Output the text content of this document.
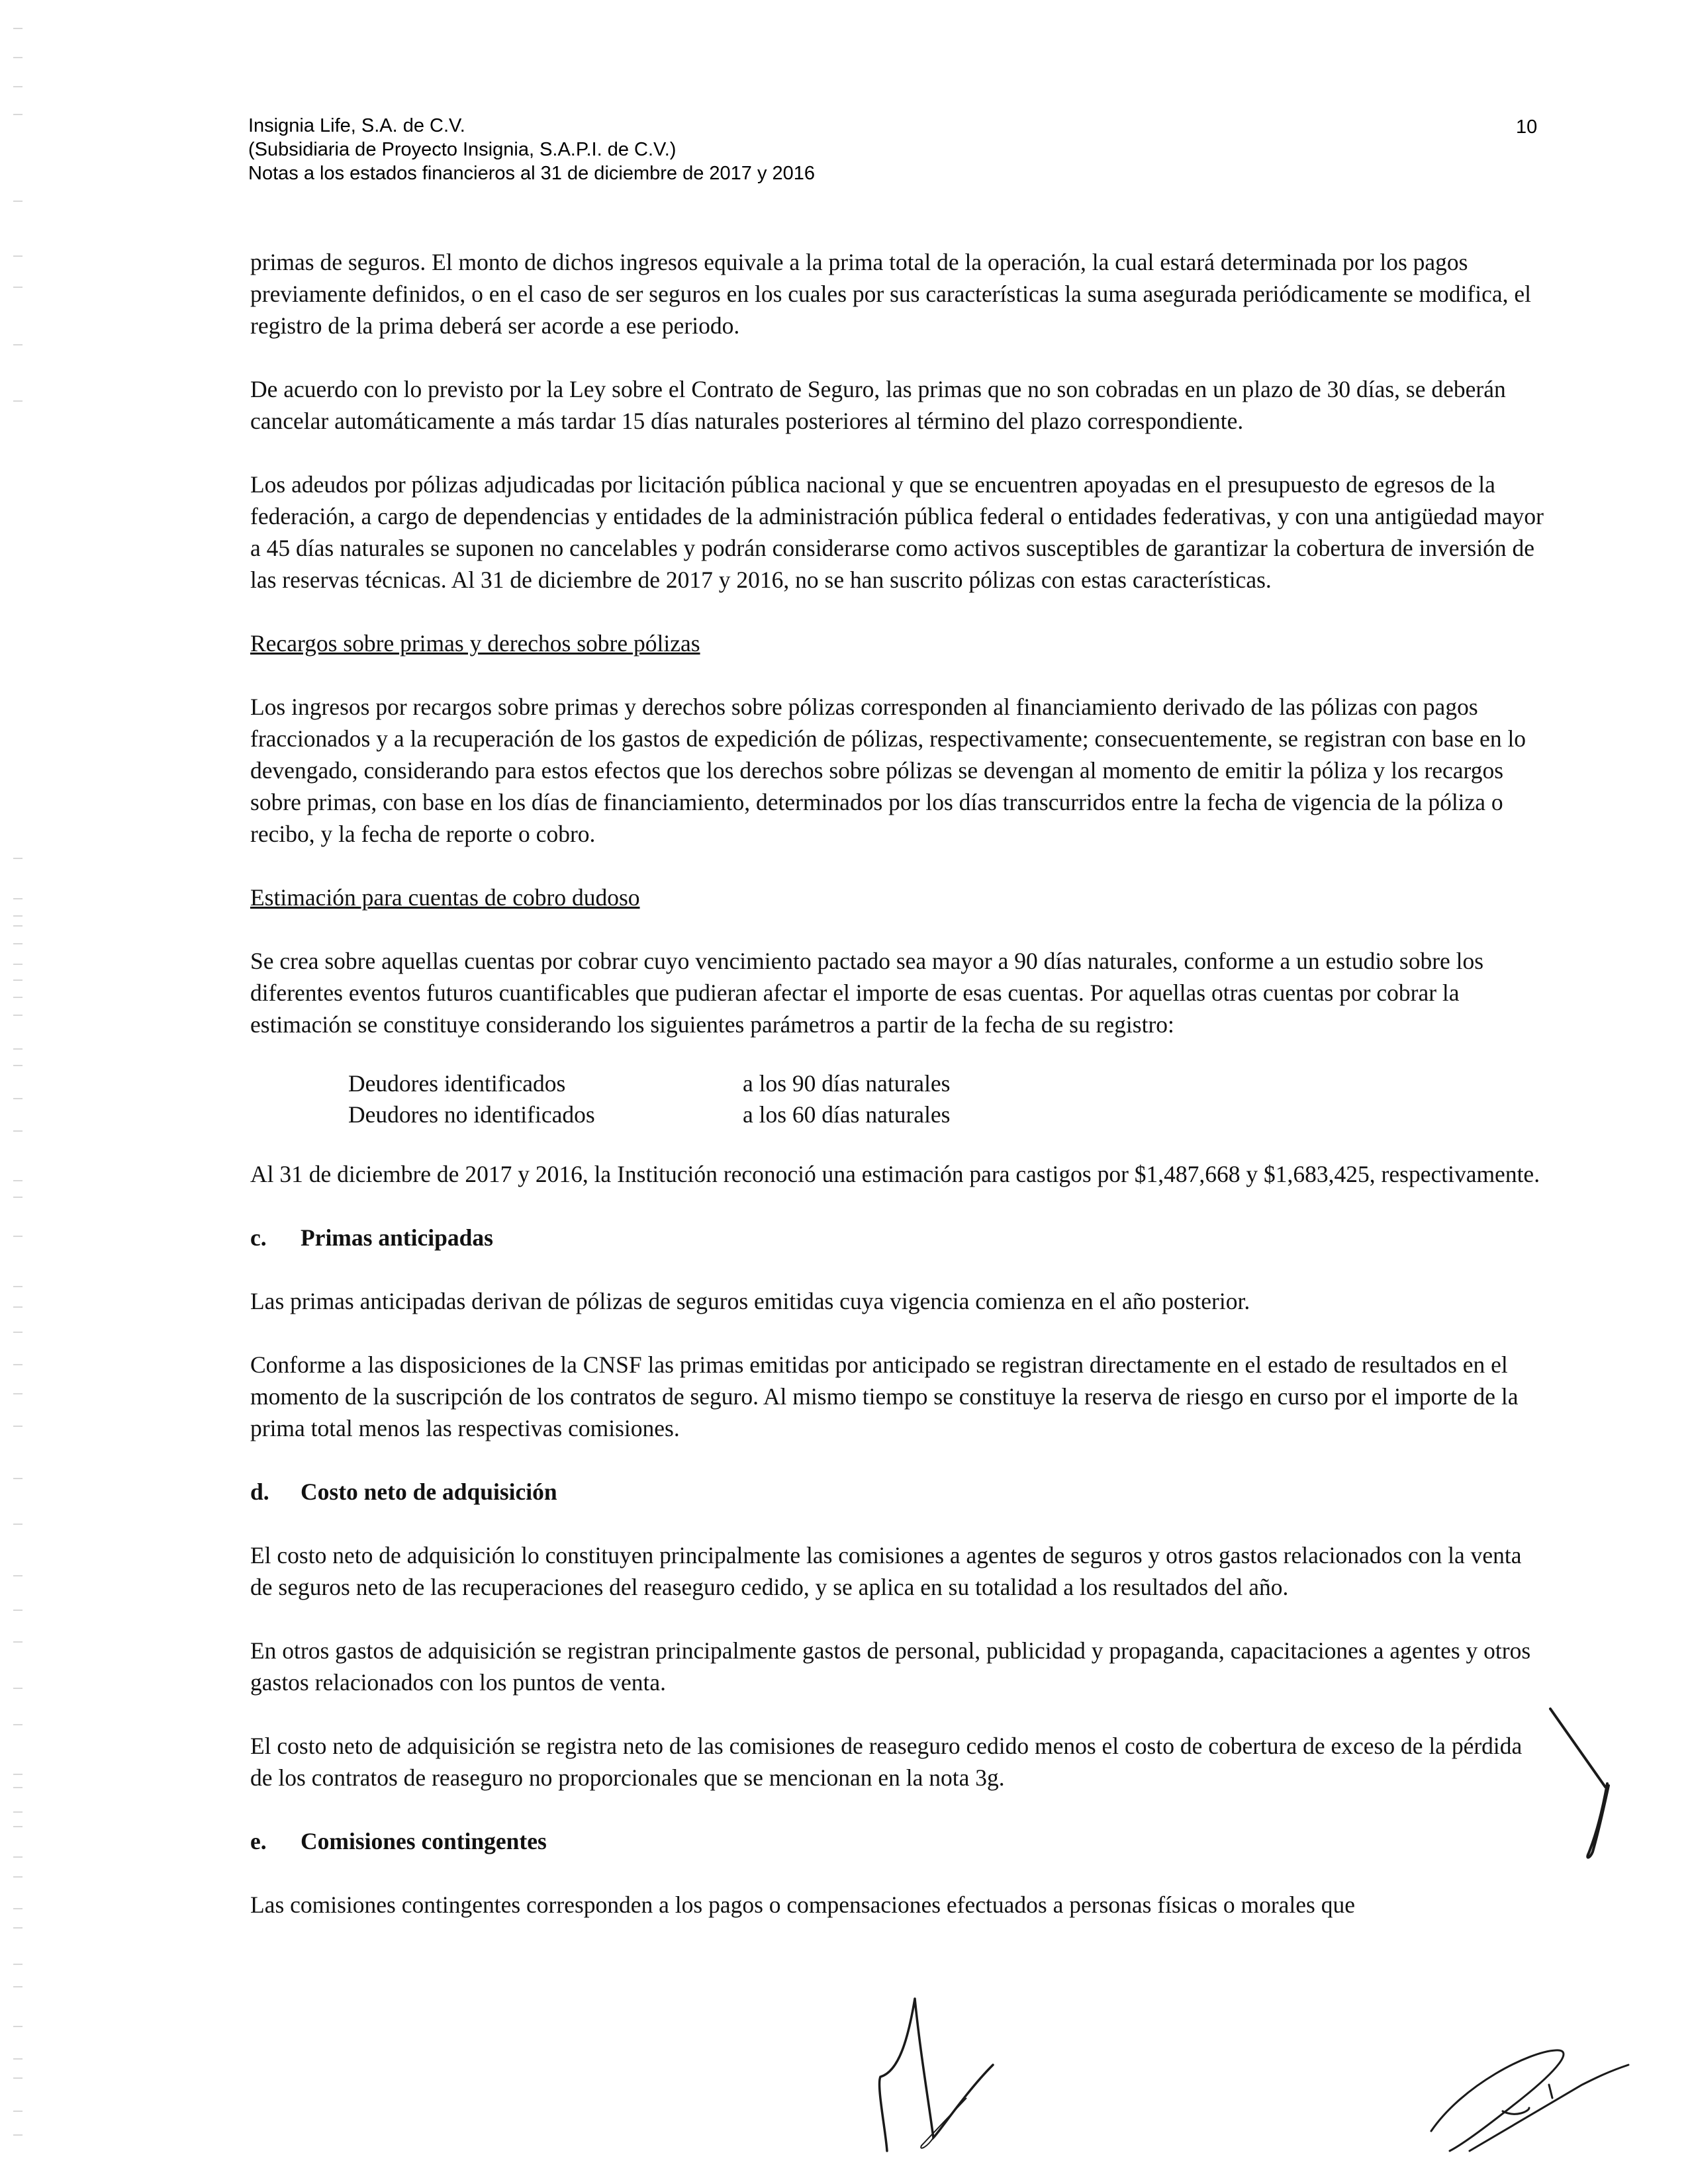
Insignia Life, S.A. de C.V.
(Subsidiaria de Proyecto Insignia, S.A.P.I. de C.V.)
Notas a los estados financieros al 31 de diciembre de 2017 y 2016
10

primas de seguros. El monto de dichos ingresos equivale a la prima total de la operación, la cual estará determinada por los pagos previamente definidos, o en el caso de ser seguros en los cuales por sus características la suma asegurada periódicamente se modifica, el registro de la prima deberá ser acorde a ese periodo.

De acuerdo con lo previsto por la Ley sobre el Contrato de Seguro, las primas que no son cobradas en un plazo de 30 días, se deberán cancelar automáticamente a más tardar 15 días naturales posteriores al término del plazo correspondiente.

Los adeudos por pólizas adjudicadas por licitación pública nacional y que se encuentren apoyadas en el presupuesto de egresos de la federación, a cargo de dependencias y entidades de la administración pública federal o entidades federativas, y con una antigüedad mayor a 45 días naturales se suponen no cancelables y podrán considerarse como activos susceptibles de garantizar la cobertura de inversión de las reservas técnicas. Al 31 de diciembre de 2017 y 2016, no se han suscrito pólizas con estas características.

Recargos sobre primas y derechos sobre pólizas

Los ingresos por recargos sobre primas y derechos sobre pólizas corresponden al financiamiento derivado de las pólizas con pagos fraccionados y a la recuperación de los gastos de expedición de pólizas, respectivamente; consecuentemente, se registran con base en lo devengado, considerando para estos efectos que los derechos sobre pólizas se devengan al momento de emitir la póliza y los recargos sobre primas, con base en los días de financiamiento, determinados por los días transcurridos entre la fecha de vigencia de la póliza o recibo, y la fecha de reporte o cobro.

Estimación para cuentas de cobro dudoso

Se crea sobre aquellas cuentas por cobrar cuyo vencimiento pactado sea mayor a 90 días naturales, conforme a un estudio sobre los diferentes eventos futuros cuantificables que pudieran afectar el importe de esas cuentas. Por aquellas otras cuentas por cobrar la estimación se constituye considerando los siguientes parámetros a partir de la fecha de su registro:

Deudores identificados	a los 90 días naturales
Deudores no identificados	a los 60 días naturales

Al 31 de diciembre de 2017 y 2016, la Institución reconoció una estimación para castigos por $1,487,668 y $1,683,425, respectivamente.

c. Primas anticipadas

Las primas anticipadas derivan de pólizas de seguros emitidas cuya vigencia comienza en el año posterior.

Conforme a las disposiciones de la CNSF las primas emitidas por anticipado se registran directamente en el estado de resultados en el momento de la suscripción de los contratos de seguro. Al mismo tiempo se constituye la reserva de riesgo en curso por el importe de la prima total menos las respectivas comisiones.

d. Costo neto de adquisición

El costo neto de adquisición lo constituyen principalmente las comisiones a agentes de seguros y otros gastos relacionados con la venta de seguros neto de las recuperaciones del reaseguro cedido, y se aplica en su totalidad a los resultados del año.

En otros gastos de adquisición se registran principalmente gastos de personal, publicidad y propaganda, capacitaciones a agentes y otros gastos relacionados con los puntos de venta.

El costo neto de adquisición se registra neto de las comisiones de reaseguro cedido menos el costo de cobertura de exceso de la pérdida de los contratos de reaseguro no proporcionales que se mencionan en la nota 3g.

e. Comisiones contingentes

Las comisiones contingentes corresponden a los pagos o compensaciones efectuados a personas físicas o morales que
